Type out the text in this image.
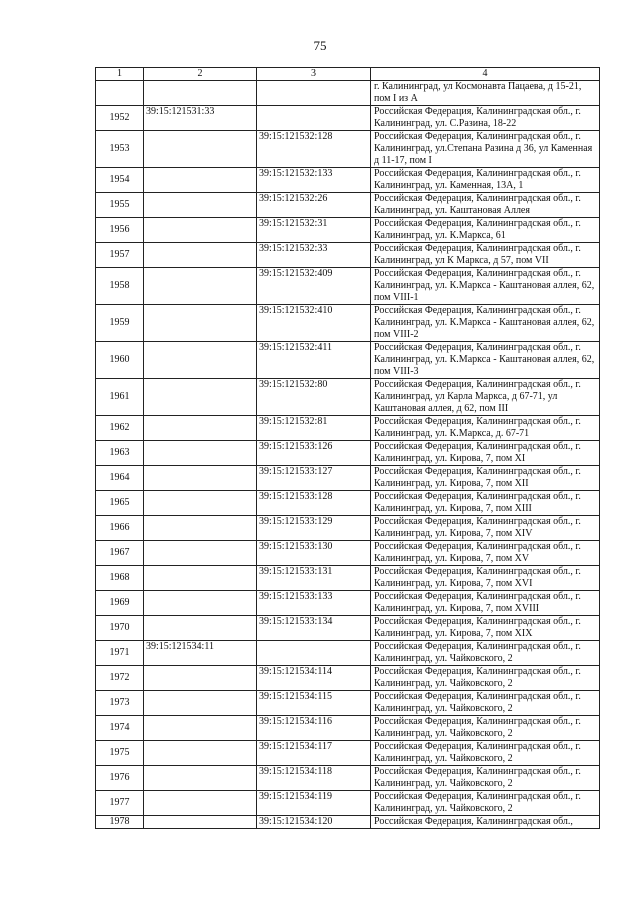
75
1	2	3	4
			г. Калининград, ул Космонавта Пацаева, д 15-21, пом I из А
1952	39:15:121531:33		Российская Федерация, Калининградская обл., г. Калининград, ул. С.Разина, 18-22
1953		39:15:121532:128	Российская Федерация, Калининградская обл., г. Калининград, ул.Степана Разина д 36, ул Каменная д 11-17, пом I
1954		39:15:121532:133	Российская Федерация, Калининградская обл., г. Калининград, ул. Каменная, 13А, 1
1955		39:15:121532:26	Российская Федерация, Калининградская обл., г. Калининград, ул. Каштановая Аллея
1956		39:15:121532:31	Российская Федерация, Калининградская обл., г. Калининград, ул. К.Маркса, 61
1957		39:15:121532:33	Российская Федерация, Калининградская обл., г. Калининград, ул К Маркса, д 57, пом VII
1958		39:15:121532:409	Российская Федерация, Калининградская обл., г. Калининград, ул. К.Маркса - Каштановая аллея, 62, пом VIII-1
1959		39:15:121532:410	Российская Федерация, Калининградская обл., г. Калининград, ул. К.Маркса - Каштановая аллея, 62, пом VIII-2
1960		39:15:121532:411	Российская Федерация, Калининградская обл., г. Калининград, ул. К.Маркса - Каштановая аллея, 62, пом VIII-3
1961		39:15:121532:80	Российская Федерация, Калининградская обл., г. Калининград, ул Карла Маркса, д 67-71, ул Каштановая аллея, д 62, пом III
1962		39:15:121532:81	Российская Федерация, Калининградская обл., г. Калининград, ул. К.Маркса, д. 67-71
1963		39:15:121533:126	Российская Федерация, Калининградская обл., г. Калининград, ул. Кирова, 7, пом XI
1964		39:15:121533:127	Российская Федерация, Калининградская обл., г. Калининград, ул. Кирова, 7, пом XII
1965		39:15:121533:128	Российская Федерация, Калининградская обл., г. Калининград, ул. Кирова, 7, пом XIII
1966		39:15:121533:129	Российская Федерация, Калининградская обл., г. Калининград, ул. Кирова, 7, пом XIV
1967		39:15:121533:130	Российская Федерация, Калининградская обл., г. Калининград, ул. Кирова, 7, пом XV
1968		39:15:121533:131	Российская Федерация, Калининградская обл., г. Калининград, ул. Кирова, 7, пом XVI
1969		39:15:121533:133	Российская Федерация, Калининградская обл., г. Калининград, ул. Кирова, 7, пом XVIII
1970		39:15:121533:134	Российская Федерация, Калининградская обл., г. Калининград, ул. Кирова, 7, пом XIX
1971	39:15:121534:11		Российская Федерация, Калининградская обл., г. Калининград, ул. Чайковского, 2
1972		39:15:121534:114	Российская Федерация, Калининградская обл., г. Калининград, ул. Чайковского, 2
1973		39:15:121534:115	Российская Федерация, Калининградская обл., г. Калининград, ул. Чайковского, 2
1974		39:15:121534:116	Российская Федерация, Калининградская обл., г. Калининград, ул. Чайковского, 2
1975		39:15:121534:117	Российская Федерация, Калининградская обл., г. Калининград, ул. Чайковского, 2
1976		39:15:121534:118	Российская Федерация, Калининградская обл., г. Калининград, ул. Чайковского, 2
1977		39:15:121534:119	Российская Федерация, Калининградская обл., г. Калининград, ул. Чайковского, 2
1978		39:15:121534:120	Российская Федерация, Калининградская обл.,
